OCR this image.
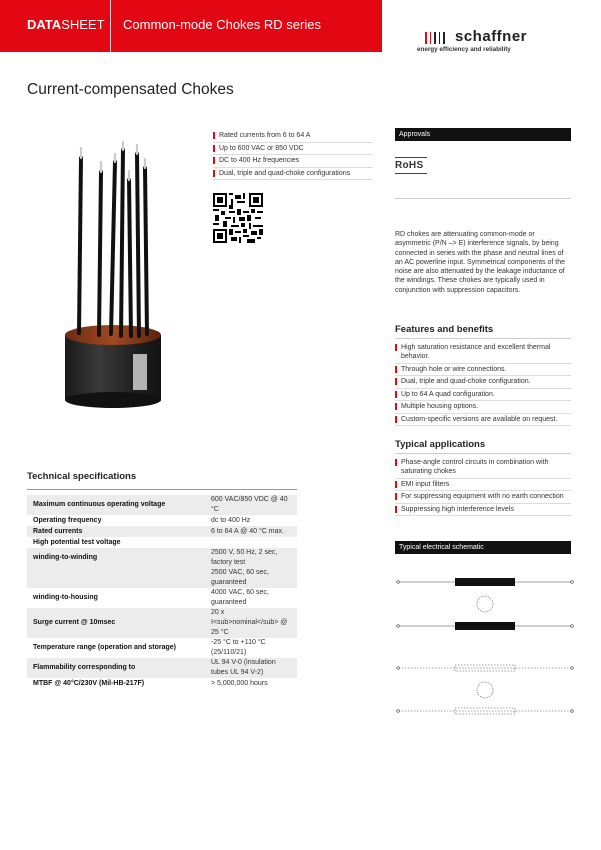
DATASHEET Common-mode Chokes RD series
schaffner
energy efficiency and reliability
Current-compensated Chokes
Rated currents from 6 to 64 A
Up to 600 VAC or 850 VDC
DC to 400 Hz frequencies
Dual, triple and quad-choke configurations
Approvals
RoHS
RD chokes are attenuating common-mode or asymmetric (P/N –> E) interference signals, by being connected in series with the phase and neutral lines of an AC powerline input. Symmetrical components of the noise are also attenuated by the leakage inductance of the windings. These chokes are typically used in conjunction with suppression capacitors.
Features and benefits
High saturation resistance and excellent thermal behavior.
Through hole or wire connections.
Dual, triple and quad-choke configuration.
Up to 64 A quad configuration.
Multiple housing options.
Custom-specific versions are available on request.
Typical applications
Phase-angle control circuits in combination with saturating chokes
EMI input filters
For suppressing equipment with no earth connection
Suppressing high interference levels
Typical electrical schematic
Technical specifications
Maximum continuous operating voltage	600 VAC/850 VDC @ 40 °C
Operating frequency	dc to 400 Hz
Rated currents	6 to 64 A @ 40 °C max.
High potential test voltage	
winding-to-winding	2500 V, 50 Hz, 2 sec, factory test
	2500 VAC, 60 sec, guaranteed
winding-to-housing	4000 VAC, 60 sec, guaranteed
Surge current @ 10msec	20 x I<sub>nominal</sub> @ 25 °C
Temperature range (operation and storage)	-25 °C to +110 °C (25/110/21)
Flammability corresponding to	UL 94 V-0 (insulation tubes UL 94 V-2)
MTBF @ 40°C/230V (Mil-HB-217F)	> 5,000,000 hours
